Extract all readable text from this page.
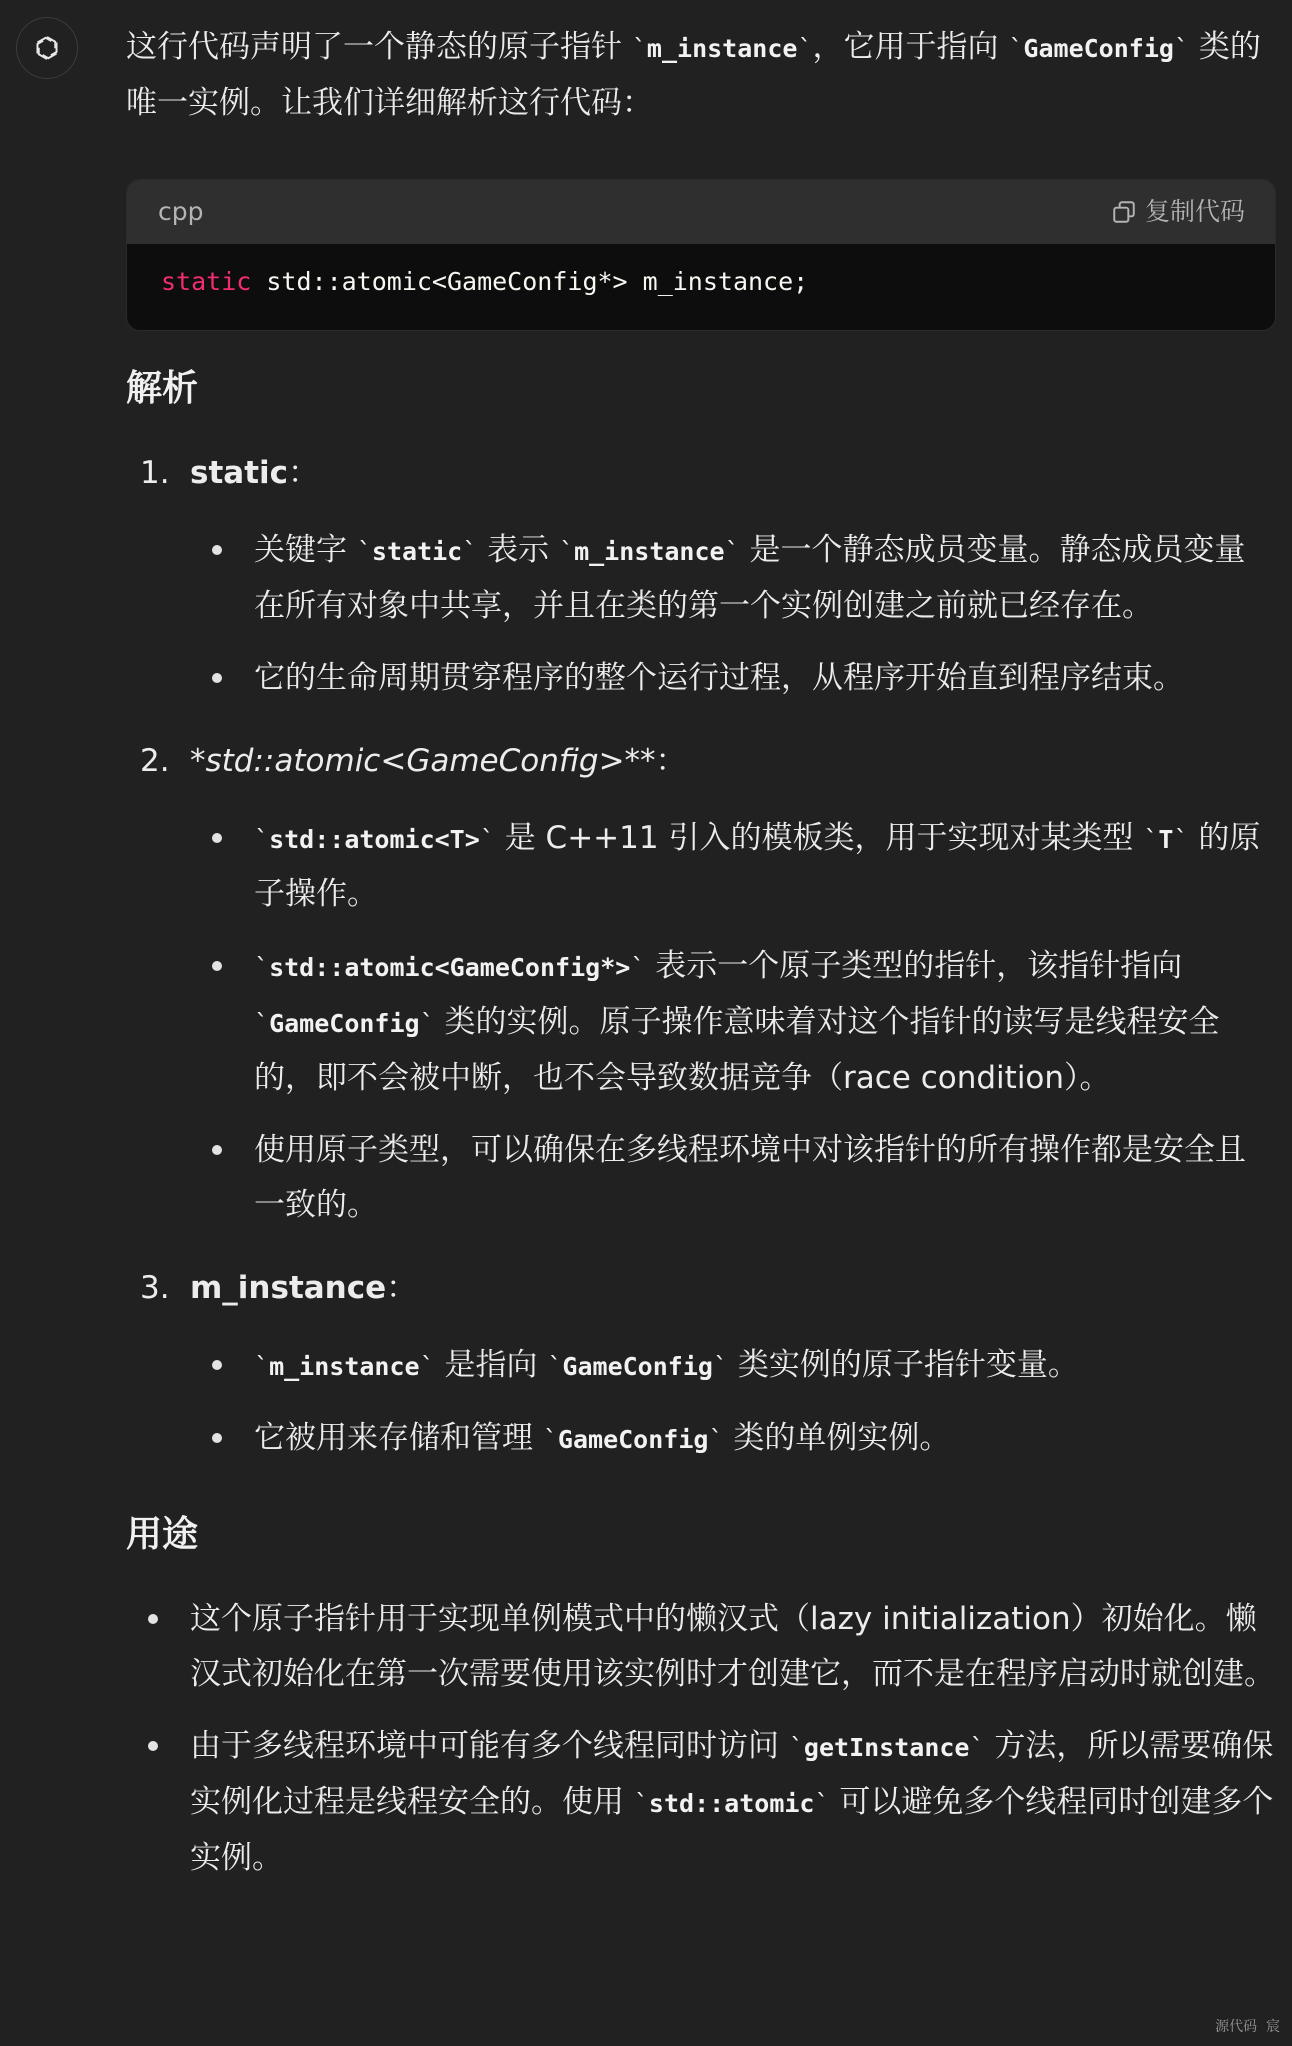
这行代码声明了一个静态的原子指针 ` m_instance ` ，它用于指向 ` GameConfig ` 类的唯一实例。让我们详细解析这行代码：

cpp	复制代码
static std::atomic<GameConfig*> m_instance;
解析
1. static：
关键字 ` static ` 表示 ` m_instance ` 是一个静态成员变量。静态成员变量在所有对象中共享，并且在类的第一个实例创建之前就已经存在。
它的生命周期贯穿程序的整个运行过程，从程序开始直到程序结束。
2. *std::atomic<GameConfig>**：
` std::atomic<T> ` 是 C++11 引入的模板类，用于实现对某类型 ` T ` 的原子操作。
` std::atomic<GameConfig*> ` 表示一个原子类型的指针，该指针指向 ` GameConfig ` 类的实例。原子操作意味着对这个指针的读写是线程安全的，即不会被中断，也不会导致数据竞争（race condition）。
使用原子类型，可以确保在多线程环境中对该指针的所有操作都是安全且一致的。
3. m_instance：
` m_instance ` 是指向 ` GameConfig ` 类实例的原子指针变量。
它被用来存储和管理 ` GameConfig ` 类的单例实例。
用途
这个原子指针用于实现单例模式中的懒汉式（lazy initialization）初始化。懒汉式初始化在第一次需要使用该实例时才创建它，而不是在程序启动时就创建。
由于多线程环境中可能有多个线程同时访问 ` getInstance ` 方法，所以需要确保实例化过程是线程安全的。使用 ` std::atomic ` 可以避免多个线程同时创建多个实例。
源代码  宸
